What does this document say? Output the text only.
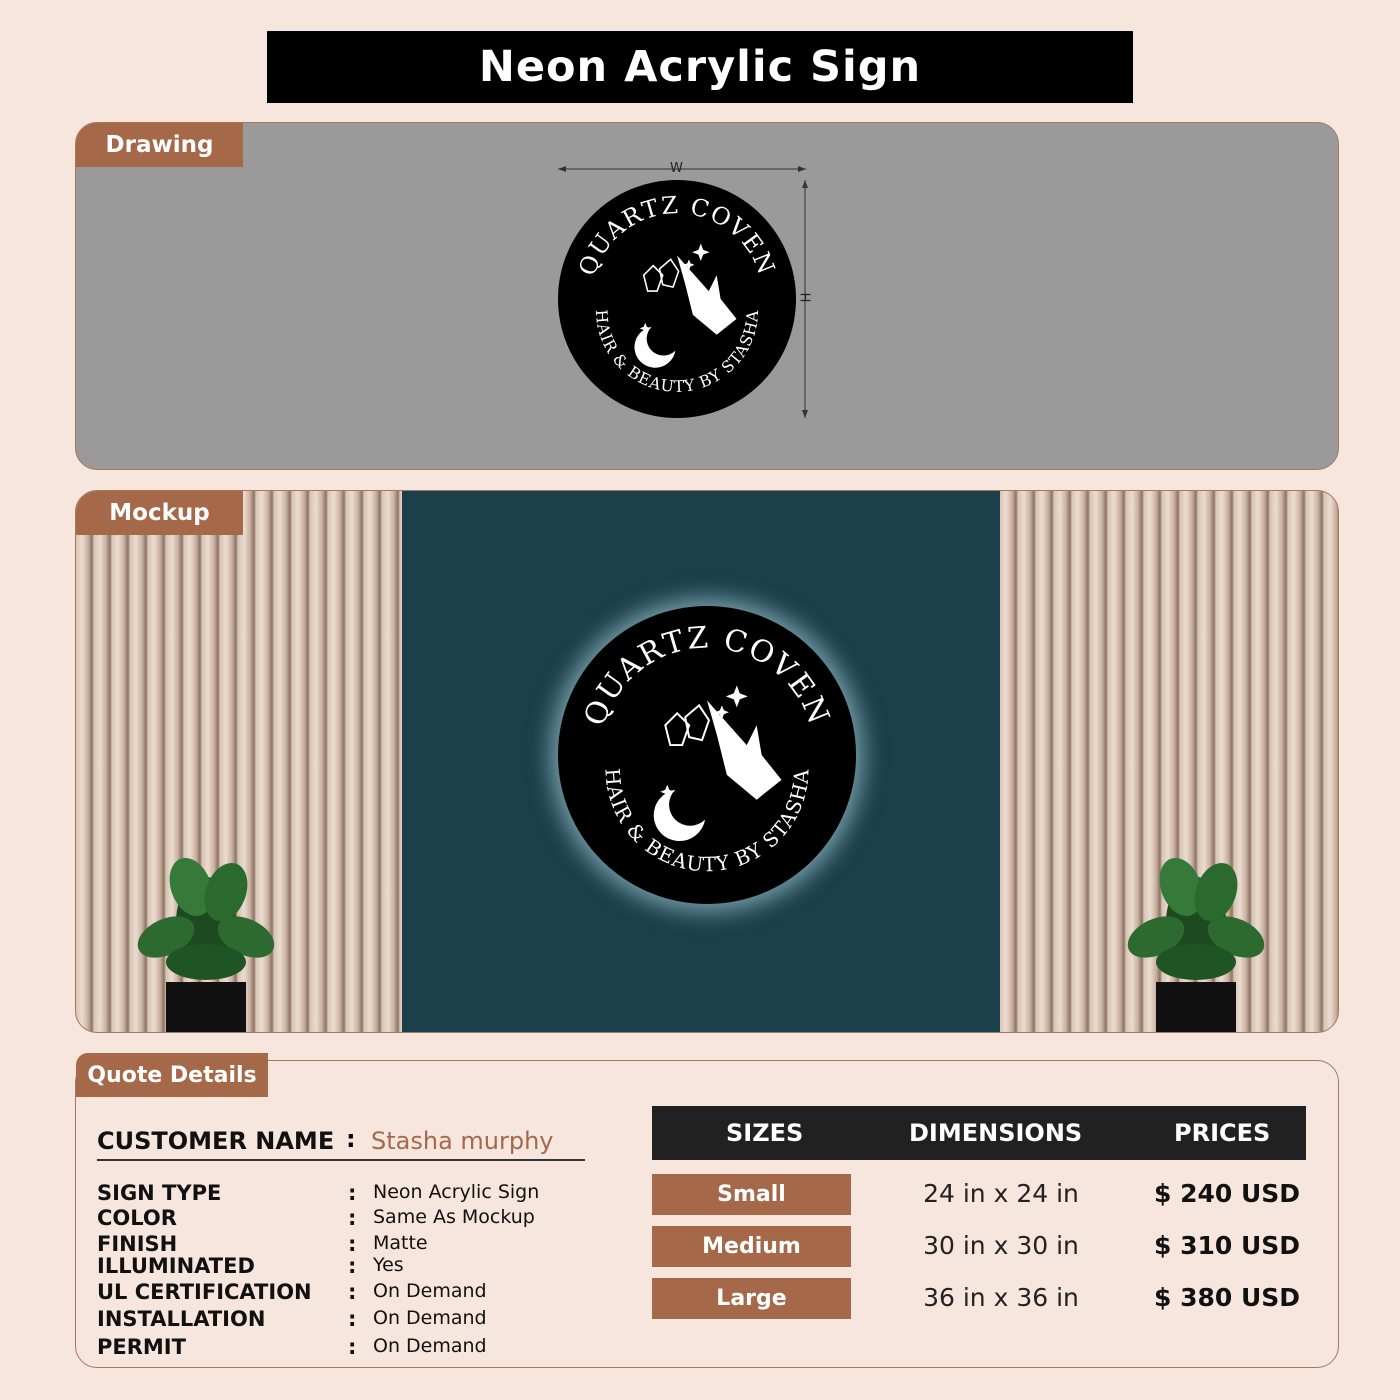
Neon Acrylic Sign
Drawing
W
H
QUARTZ COVEN
HAIR & BEAUTY BY STASHA
Mockup
QUARTZ COVEN
HAIR & BEAUTY BY STASHA
Quote Details
CUSTOMER NAME : Stasha murphy
SIGN TYPE	: Neon Acrylic Sign
COLOR	: Same As Mockup
FINISH	: Matte
ILLUMINATED	: Yes
UL CERTIFICATION : On Demand
INSTALLATION	: On Demand
PERMIT	: On Demand
SIZES	DIMENSIONS	PRICES
Small	24 in x 24 in	$ 240 USD
Medium	30 in x 30 in	$ 310 USD
Large	36 in x 36 in	$ 380 USD
